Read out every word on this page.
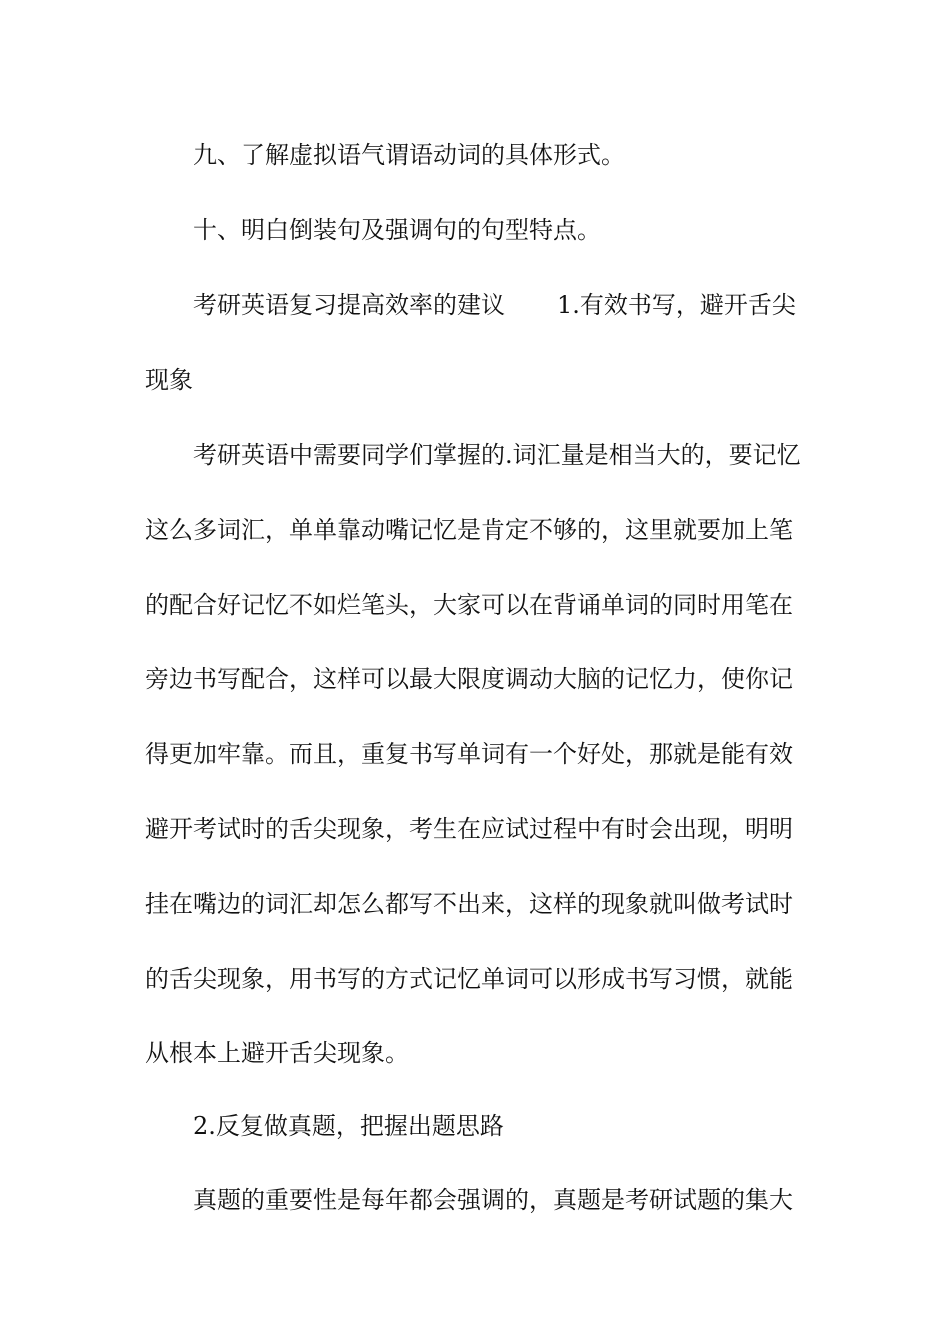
九、了解虚拟语气谓语动词的具体形式。
十、明白倒装句及强调句的句型特点。
考研英语复习提高效率的建议 1.有效书写，避开舌尖
现象
考研英语中需要同学们掌握的.词汇量是相当大的，要记忆
这么多词汇，单单靠动嘴记忆是肯定不够的，这里就要加上笔
的配合好记忆不如烂笔头，大家可以在背诵单词的同时用笔在
旁边书写配合，这样可以最大限度调动大脑的记忆力，使你记
得更加牢靠。而且，重复书写单词有一个好处，那就是能有效
避开考试时的舌尖现象，考生在应试过程中有时会出现，明明
挂在嘴边的词汇却怎么都写不出来，这样的现象就叫做考试时
的舌尖现象，用书写的方式记忆单词可以形成书写习惯，就能
从根本上避开舌尖现象。
2.反复做真题，把握出题思路
真题的重要性是每年都会强调的，真题是考研试题的集大
